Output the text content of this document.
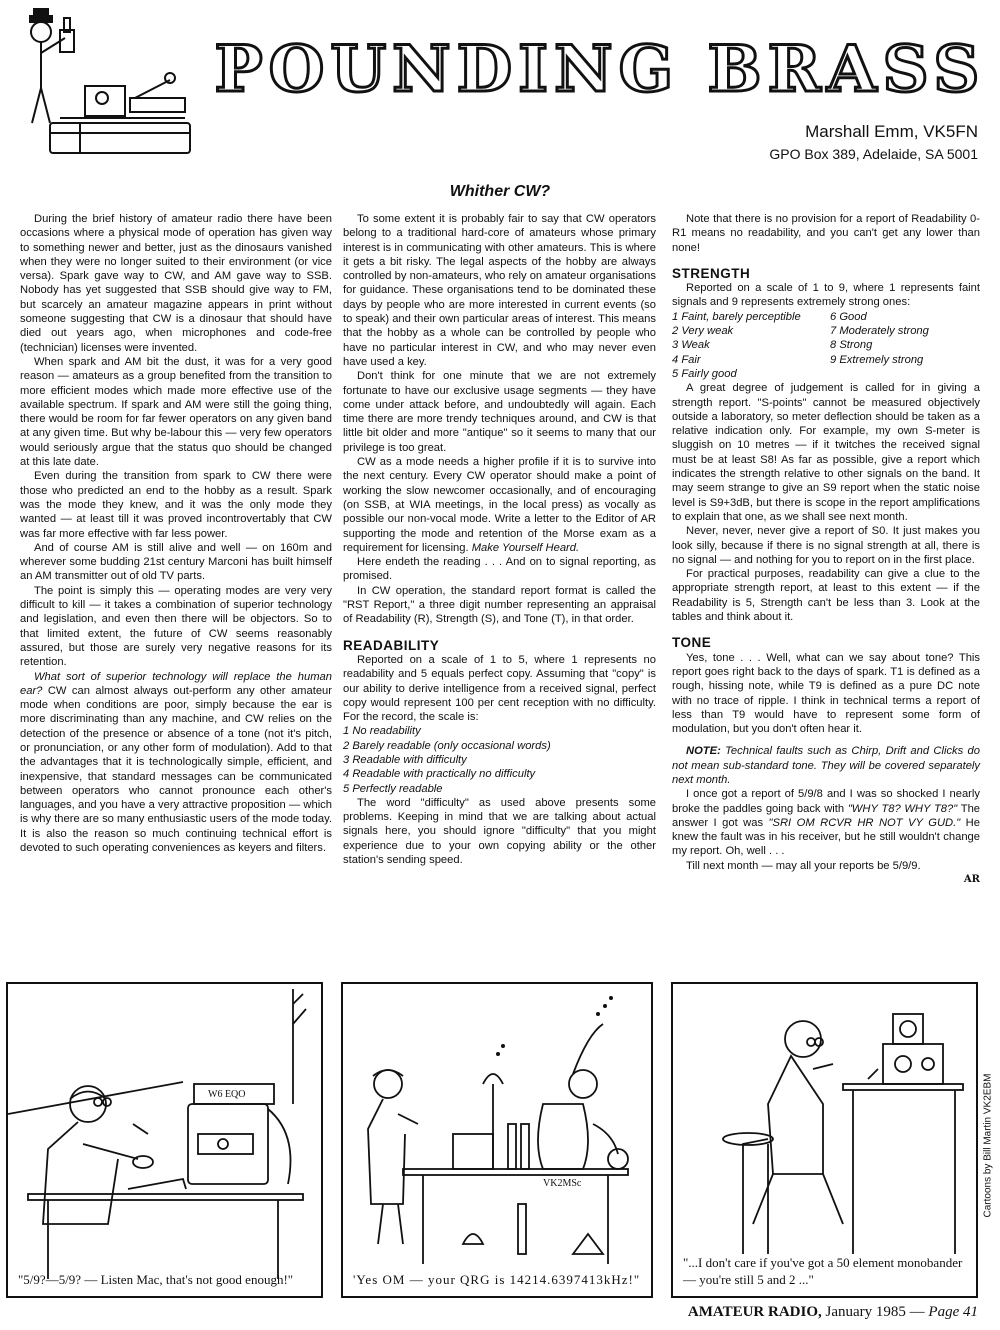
POUNDING BRASS
Marshall Emm, VK5FN
GPO Box 389, Adelaide, SA 5001
Whither CW?

During the brief history of amateur radio there have been occasions where a physical mode of operation has given way to something newer and better, just as the dinosaurs vanished when they were no longer suited to their environment (or vice versa). Spark gave way to CW, and AM gave way to SSB. Nobody has yet suggested that SSB should give way to FM, but scarcely an amateur magazine appears in print without someone suggesting that CW is a dinosaur that should have died out years ago, when microphones and code-free (technician) licenses were invented.

When spark and AM bit the dust, it was for a very good reason — amateurs as a group benefited from the transition to more efficient modes which made more effective use of the available spectrum. If spark and AM were still the going thing, there would be room for far fewer operators on any given band at any given time. But why be-labour this — very few operators would seriously argue that the status quo should be changed at this late date.

Even during the transition from spark to CW there were those who predicted an end to the hobby as a result. Spark was the mode they knew, and it was the only mode they wanted — at least till it was proved incontrovertably that CW was far more effective with far less power.

And of course AM is still alive and well — on 160m and wherever some budding 21st century Marconi has built himself an AM transmitter out of old TV parts.

The point is simply this — operating modes are very very difficult to kill — it takes a combination of superior technology and legislation, and even then there will be objectors. So to that limited extent, the future of CW seems reasonably assured, but those are surely very negative reasons for its retention.

What sort of superior technology will replace the human ear? CW can almost always out-perform any other amateur mode when conditions are poor, simply because the ear is more discriminating than any machine, and CW relies on the detection of the presence or absence of a tone (not it's pitch, or pronunciation, or any other form of modulation). Add to that the advantages that it is technologically simple, efficient, and inexpensive, that standard messages can be communicated between operators who cannot pronounce each other's languages, and you have a very attractive proposition — which is why there are so many enthusiastic users of the mode today. It is also the reason so much continuing technical effort is devoted to such operating conveniences as keyers and filters.

To some extent it is probably fair to say that CW operators belong to a traditional hard-core of amateurs whose primary interest is in communicating with other amateurs. This is where it gets a bit risky. The legal aspects of the hobby are always controlled by non-amateurs, who rely on amateur organisations for guidance. These organisations tend to be dominated these days by people who are more interested in current events (so to speak) and their own particular areas of interest. This means that the hobby as a whole can be controlled by people who have no particular interest in CW, and who may never even have used a key.

Don't think for one minute that we are not extremely fortunate to have our exclusive usage segments — they have come under attack before, and undoubtedly will again. Each time there are more trendy techniques around, and CW is that little bit older and more "antique" so it seems to many that our privilege is too great.

CW as a mode needs a higher profile if it is to survive into the next century. Every CW operator should make a point of working the slow newcomer occasionally, and of encouraging (on SSB, at WIA meetings, in the local press) as vocally as possible our non-vocal mode. Write a letter to the Editor of AR supporting the mode and retention of the Morse exam as a requirement for licensing. Make Yourself Heard.

Here endeth the reading . . . And on to signal reporting, as promised.

In CW operation, the standard report format is called the "RST Report," a three digit number representing an appraisal of Readability (R), Strength (S), and Tone (T), in that order.

READABILITY

Reported on a scale of 1 to 5, where 1 represents no readability and 5 equals perfect copy. Assuming that "copy" is our ability to derive intelligence from a received signal, perfect copy would represent 100 per cent reception with no difficulty. For the record, the scale is:

1 No readability
2 Barely readable (only occasional words)
3 Readable with difficulty
4 Readable with practically no difficulty
5 Perfectly readable

The word "difficulty" as used above presents some problems. Keeping in mind that we are talking about actual signals here, you should ignore "difficulty" that you might experience due to your own copying ability or the other station's sending speed.

Note that there is no provision for a report of Readability 0-R1 means no readability, and you can't get any lower than none!

STRENGTH

Reported on a scale of 1 to 9, where 1 represents faint signals and 9 represents extremely strong ones:

1 Faint, barely perceptible
2 Very weak
3 Weak
4 Fair
5 Fairly good
6 Good
7 Moderately strong
8 Strong
9 Extremely strong

A great degree of judgement is called for in giving a strength report. "S-points" cannot be measured objectively outside a laboratory, so meter deflection should be taken as a relative indication only. For example, my own S-meter is sluggish on 10 metres — if it twitches the received signal must be at least S8! As far as possible, give a report which indicates the strength relative to other signals on the band. It may seem strange to give an S9 report when the static noise level is S9+3dB, but there is scope in the report amplifications to explain that one, as we shall see next month.

Never, never, never give a report of S0. It just makes you look silly, because if there is no signal strength at all, there is no signal — and nothing for you to report on in the first place.

For practical purposes, readability can give a clue to the appropriate strength report, at least to this extent — if the Readability is 5, Strength can't be less than 3. Look at the tables and think about it.

TONE

Yes, tone . . . Well, what can we say about tone? This report goes right back to the days of spark. T1 is defined as a rough, hissing note, while T9 is defined as a pure DC note with no trace of ripple. I think in technical terms a report of less than T9 would have to represent some form of modulation, but you don't often hear it.

NOTE: Technical faults such as Chirp, Drift and Clicks do not mean sub-standard tone. They will be covered separately next month.

I once got a report of 5/9/8 and I was so shocked I nearly broke the paddles going back with "WHY T8? WHY T8?" The answer I got was "SRI OM RCVR HR NOT VY GUD." He knew the fault was in his receiver, but he still wouldn't change my report. Oh, well . . .

Till next month — may all your reports be 5/9/9.

AR
W6 EQO
"5/9?—5/9? — Listen Mac, that's not good enough!"
VK2MSc
'Yes OM — your QRG is 14214.6397413kHz!"
"...I don't care if you've got a 50 element monobander — you're still 5 and 2 ..."
Cartoons by Bill Martin VK2EBM
AMATEUR RADIO, January 1985 — Page 41
